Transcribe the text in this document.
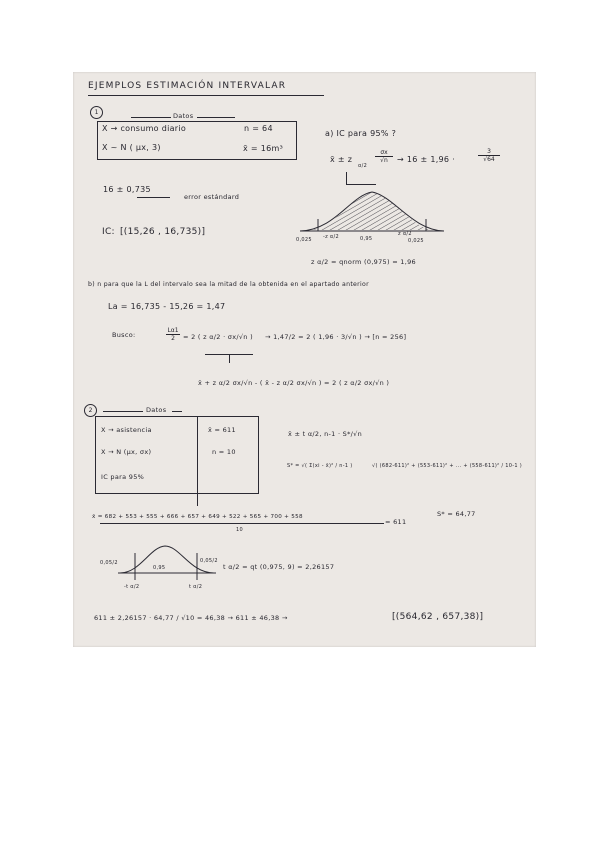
EJEMPLOS ESTIMACIÓN INTERVALAR
1	Datos
X → consumo diario	n = 64
X ~ N ( μx, 3)	x̄ = 16m³
a) IC para 95% ?
x̄ ± z
α/2
$\frac{\sigma x}{√n} \to 16 \pm 1,96$ ·	$\frac{3}{√64}$
16 ± 0,735
error estándard
IC: [(15,26 , 16,735)]
0,025 -z α/2	0,95
z α/2
0,025
z α/2 = qnorm (0,975) = 1,96
b) n para que la L del intervalo sea la mitad de la obtenida en el apartado anterior
La = 16,735 - 15,26 = 1,47
Busco:	$\frac{L\alpha 1}{2} = 2$ ( z α/2 · σx/√n ) → 1,47/2 = 2 ( 1,96 · 3/√n ) → [n = 256]
x̄ + z α/2 σx/√n - ( x̄ - z α/2 σx/√n ) = 2 ( z α/2 σx/√n )
2	Datos
X → asistencia	x̄ = 611
X → N (μx, σx)	n = 10
IC para 95%
x̄ ± t α/2, n-1 · S*/√n
S* = √( Σ(xi - x̄)² / n-1 )	√( (682-611)² + (553-611)² + ... + (558-611)² / 10-1 )
x̄ = 682 + 553 + 555 + 666 + 657 + 649 + 522 + 565 + 700 + 558
10
= 611
S* = 64,77
0,05/2
0,95
0,05/2
-t α/2	t α/2
t α/2 = qt (0,975, 9) = 2,26157
611 ± 2,26157 · 64,77 / √10 = 46,38 → 611 ± 46,38 →	[(564,62 , 657,38)]
